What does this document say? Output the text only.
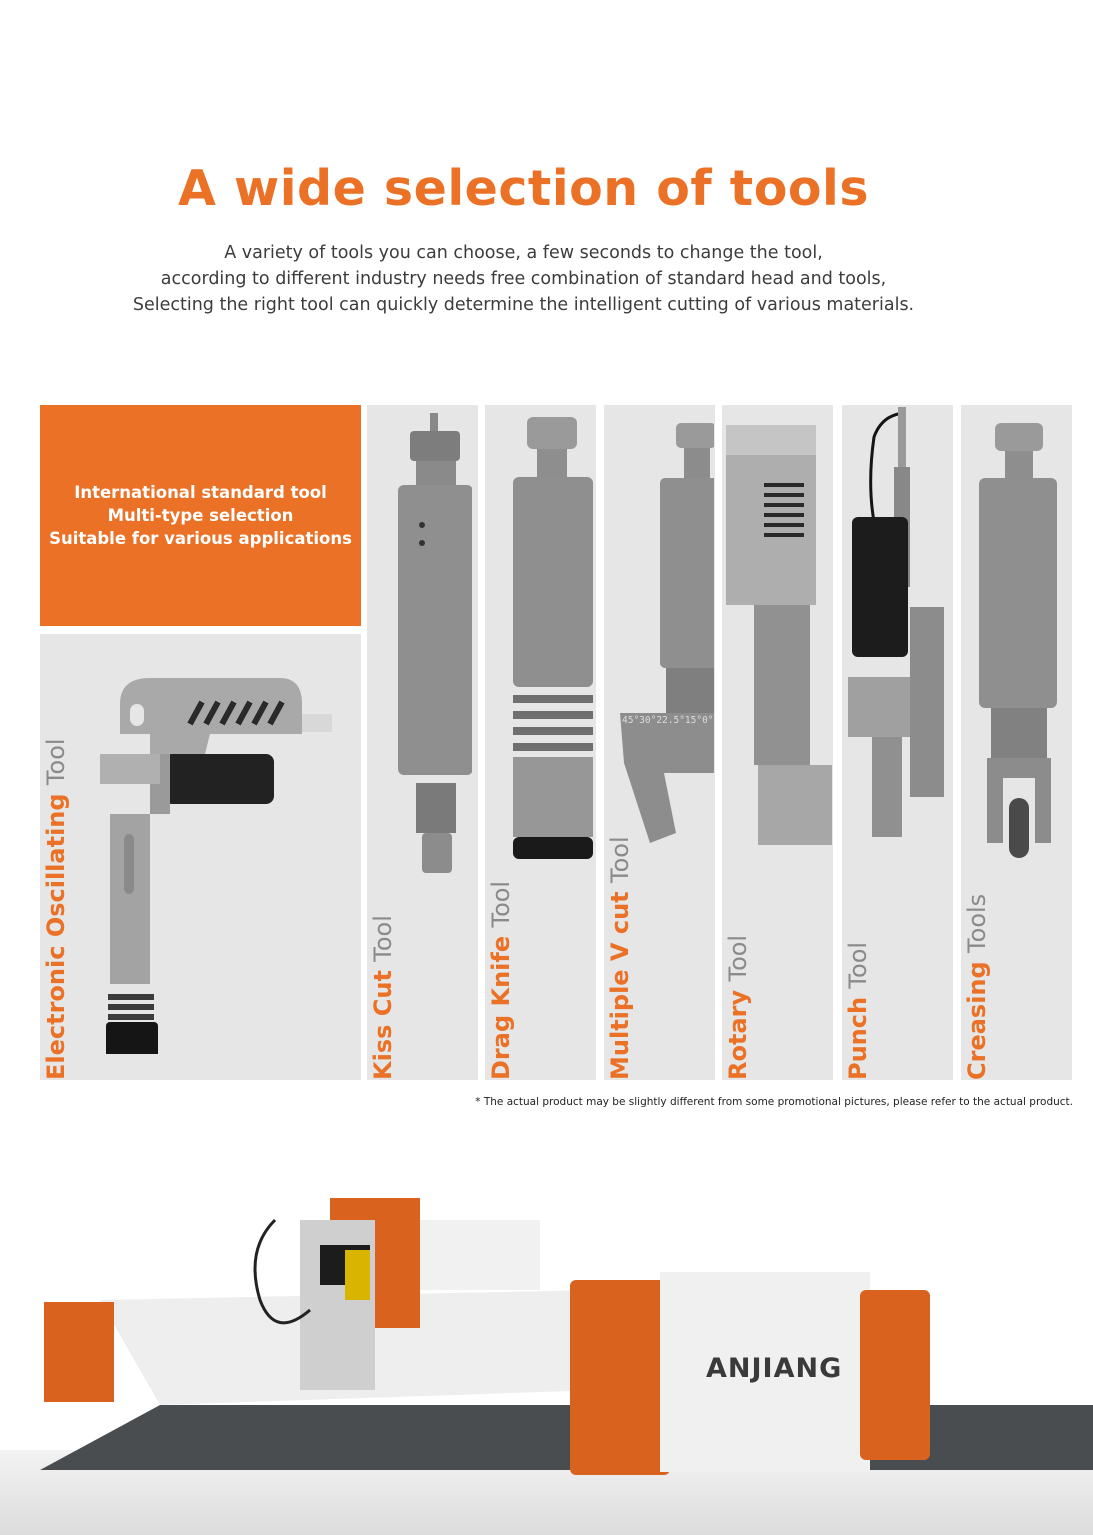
A wide selection of tools
A variety of tools you can choose, a few seconds to change the tool,
according to different industry needs free combination of standard head and tools,
Selecting the right tool can quickly determine the intelligent cutting of various materials.
International standard tool
Multi-type selection
Suitable for various applications
Electronic Oscillating Tool
Kiss Cut Tool	Drag Knife Tool
45°30°22.5°15°0°
Multiple V cut Tool
Rotary Tool
Punch Tool	Creasing Tools
* The actual product may be slightly different from some promotional pictures, please refer to the actual product.
ANJIANG
